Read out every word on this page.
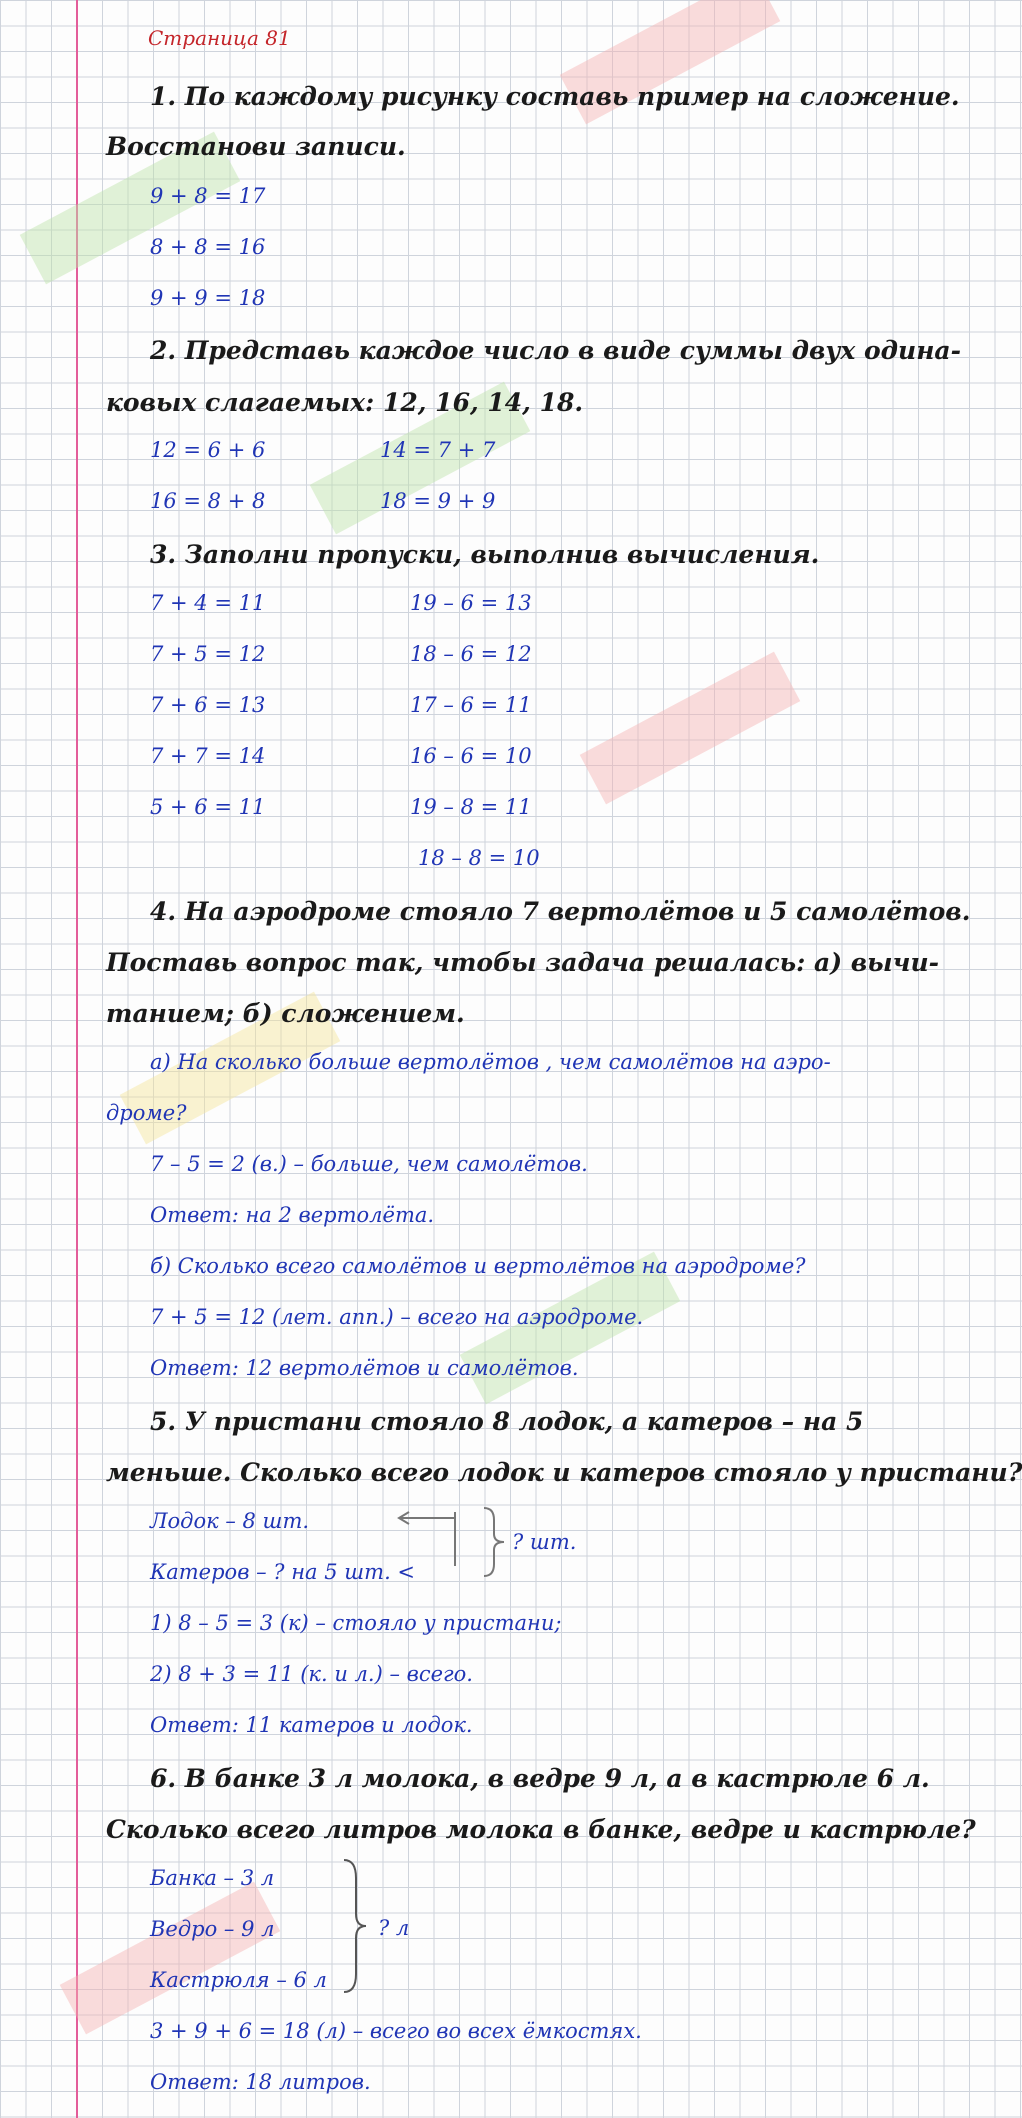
Страница 81
1. По каждому рисунку составь пример на сложение.
Восстанови записи.
9 + 8 = 17
8 + 8 = 16
9 + 9 = 18
2. Представь каждое число в виде суммы двух одина-
ковых слагаемых: 12, 16, 14, 18.
12 = 6 + 6	14 = 7 + 7
16 = 8 + 8	18 = 9 + 9
3. Заполни пропуски, выполнив вычисления.
7 + 4 = 11
7 + 5 = 12
7 + 6 = 13
7 + 7 = 14
5 + 6 = 11
19 – 6 = 13
18 – 6 = 12
17 – 6 = 11
16 – 6 = 10
19 – 8 = 11
18 – 8 = 10
4. На аэродроме стояло 7 вертолётов и 5 самолётов.
Поставь вопрос так, чтобы задача решалась: а) вычи-
танием; б) сложением.
а) На сколько больше вертолётов , чем самолётов на аэро-
дроме?
7 – 5 = 2 (в.) – больше, чем самолётов.
Ответ: на 2 вертолёта.
б) Сколько всего самолётов и вертолётов на аэродроме?
7 + 5 = 12 (лет. апп.) – всего на аэродроме.
Ответ: 12 вертолётов и самолётов.
5. У пристани стояло 8 лодок, а катеров – на 5
меньше. Сколько всего лодок и катеров стояло у пристани?
Лодок – 8 шт.
Катеров – ? на 5 шт. <
? шт.
1) 8 – 5 = 3 (к) – стояло у пристани;
2) 8 + 3 = 11 (к. и л.) – всего.
Ответ: 11 катеров и лодок.
6. В банке 3 л молока, в ведре 9 л, а в кастрюле 6 л.
Сколько всего литров молока в банке, ведре и кастрюле?
Банка – 3 л
Ведро – 9 л
Кастрюля – 6 л
? л
3 + 9 + 6 = 18 (л) – всего во всех ёмкостях.
Ответ: 18 литров.
